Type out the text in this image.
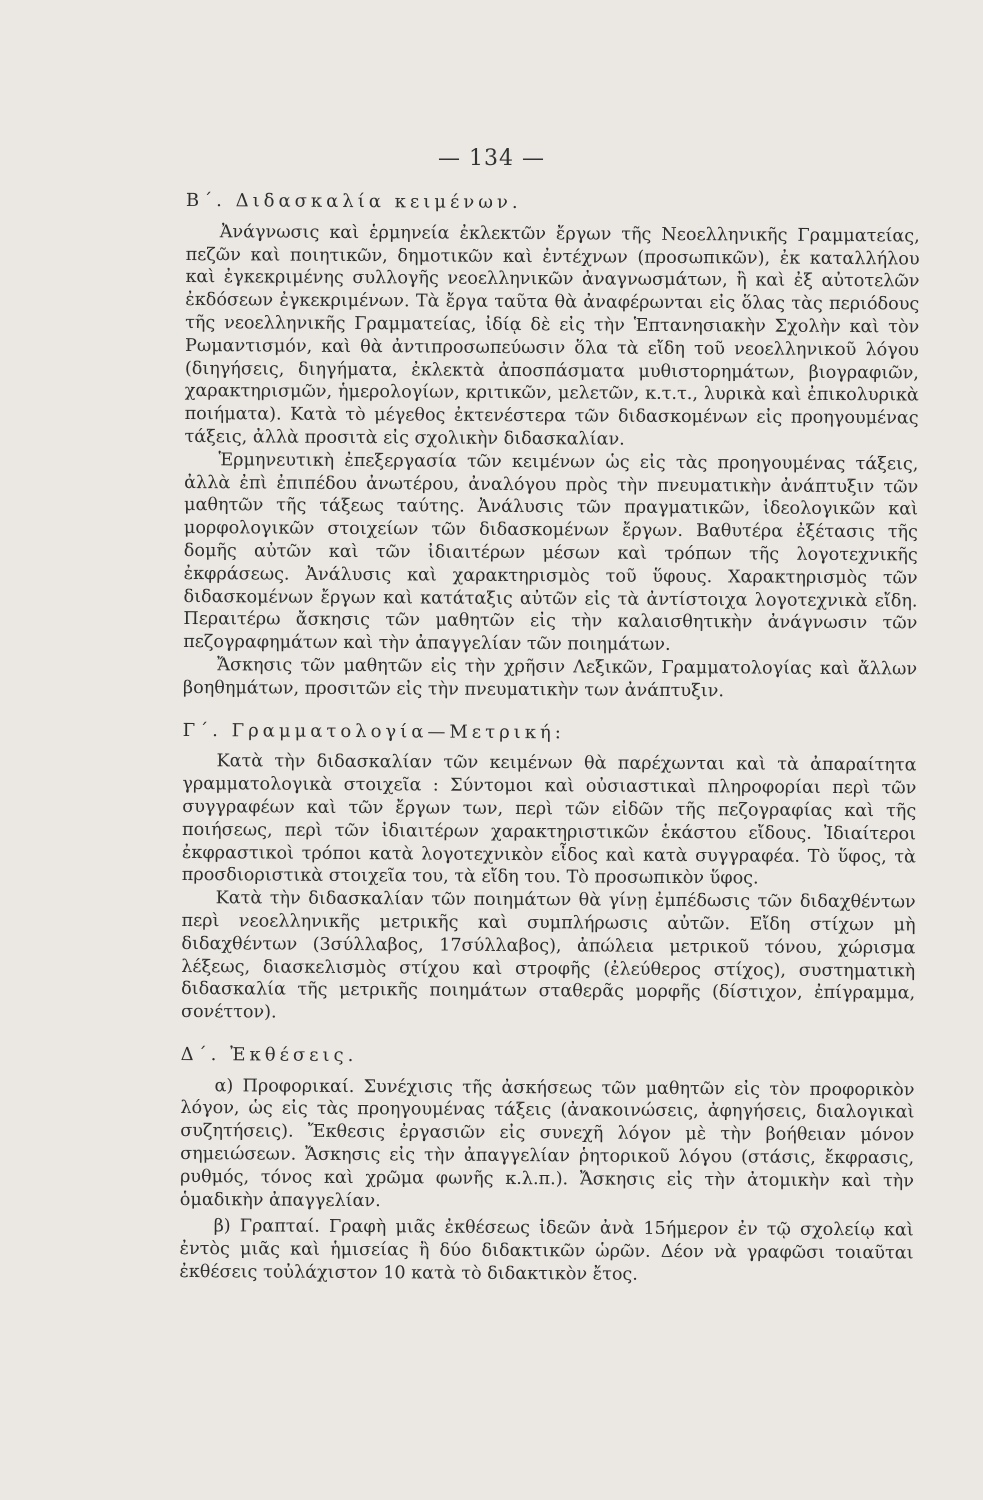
— 134 —
Β΄. Διδασκαλία κειμένων.

Ἀνάγνωσις καὶ ἑρμηνεία ἐκλεκτῶν ἔργων τῆς Νεοελληνικῆς Γραμματείας, πεζῶν καὶ ποιητικῶν, δημοτικῶν καὶ ἐντέχνων (προσωπικῶν), ἐκ καταλλήλου καὶ ἐγκεκριμένης συλλογῆς νεοελληνικῶν ἀναγνωσμάτων, ἢ καὶ ἐξ αὐτοτελῶν ἐκδόσεων ἐγκεκριμένων. Τὰ ἔργα ταῦτα θὰ ἀναφέρωνται εἰς ὅλας τὰς περιόδους τῆς νεοελληνικῆς Γραμματείας, ἰδίᾳ δὲ εἰς τὴν Ἑπτανησιακὴν Σχολὴν καὶ τὸν Ρωμαντισμόν, καὶ θὰ ἀντιπροσωπεύωσιν ὅλα τὰ εἴδη τοῦ νεοελληνικοῦ λόγου (διηγήσεις, διηγήματα, ἐκλεκτὰ ἀποσπάσματα μυθιστορημάτων, βιογραφιῶν, χαρακτηρισμῶν, ἡμερολογίων, κριτικῶν, μελετῶν, κ.τ.τ., λυρικὰ καὶ ἐπικολυρικὰ ποιήματα). Κατὰ τὸ μέγεθος ἐκτενέστερα τῶν διδασκομένων εἰς προηγουμένας τάξεις, ἀλλὰ προσιτὰ εἰς σχολικὴν διδασκαλίαν.

Ἑρμηνευτικὴ ἐπεξεργασία τῶν κειμένων ὡς εἰς τὰς προηγουμένας τάξεις, ἀλλὰ ἐπὶ ἐπιπέδου ἀνωτέρου, ἀναλόγου πρὸς τὴν πνευματικὴν ἀνάπτυξιν τῶν μαθητῶν τῆς τάξεως ταύτης. Ἀνάλυσις τῶν πραγματικῶν, ἰδεολογικῶν καὶ μορφολογικῶν στοιχείων τῶν διδασκομένων ἔργων. Βαθυτέρα ἐξέτασις τῆς δομῆς αὐτῶν καὶ τῶν ἰδιαιτέρων μέσων καὶ τρόπων τῆς λογοτεχνικῆς ἐκφράσεως. Ἀνάλυσις καὶ χαρακτηρισμὸς τοῦ ὕφους. Χαρακτηρισμὸς τῶν διδασκομένων ἔργων καὶ κατάταξις αὐτῶν εἰς τὰ ἀντίστοιχα λογοτεχνικὰ εἴδη. Περαιτέρω ἄσκησις τῶν μαθητῶν εἰς τὴν καλαισθητικὴν ἀνάγνωσιν τῶν πεζογραφημάτων καὶ τὴν ἀπαγγελίαν τῶν ποιημάτων.

Ἄσκησις τῶν μαθητῶν εἰς τὴν χρῆσιν Λεξικῶν, Γραμματολογίας καὶ ἄλλων βοηθημάτων, προσιτῶν εἰς τὴν πνευματικὴν των ἀνάπτυξιν.

Γ΄. Γραμματολογία—Μετρική:

Κατὰ τὴν διδασκαλίαν τῶν κειμένων θὰ παρέχωνται καὶ τὰ ἀπαραίτητα γραμματολογικὰ στοιχεῖα : Σύντομοι καὶ οὐσιαστικαὶ πληροφορίαι περὶ τῶν συγγραφέων καὶ τῶν ἔργων των, περὶ τῶν εἰδῶν τῆς πεζογραφίας καὶ τῆς ποιήσεως, περὶ τῶν ἰδιαιτέρων χαρακτηριστικῶν ἑκάστου εἴδους. Ἰδιαίτεροι ἐκφραστικοὶ τρόποι κατὰ λογοτεχνικὸν εἶδος καὶ κατὰ συγγραφέα. Τὸ ὕφος, τὰ προσδιοριστικὰ στοιχεῖα του, τὰ εἴδη του. Τὸ προσωπικὸν ὕφος.

Κατὰ τὴν διδασκαλίαν τῶν ποιημάτων θὰ γίνῃ ἐμπέδωσις τῶν διδαχθέντων περὶ νεοελληνικῆς μετρικῆς καὶ συμπλήρωσις αὐτῶν. Εἴδη στίχων μὴ διδαχθέντων (3σύλλαβος, 17σύλλαβος), ἀπώλεια μετρικοῦ τόνου, χώρισμα λέξεως, διασκελισμὸς στίχου καὶ στροφῆς (ἐλεύθερος στίχος), συστηματικὴ διδασκαλία τῆς μετρικῆς ποιημάτων σταθερᾶς μορφῆς (δίστιχον, ἐπίγραμμα, σονέττον).

Δ΄. Ἐκθέσεις.

α) Προφορικαί. Συνέχισις τῆς ἀσκήσεως τῶν μαθητῶν εἰς τὸν προφορικὸν λόγον, ὡς εἰς τὰς προηγουμένας τάξεις (ἀνακοινώσεις, ἀφηγήσεις, διαλογικαὶ συζητήσεις). Ἔκθεσις ἐργασιῶν εἰς συνεχῆ λόγον μὲ τὴν βοήθειαν μόνον σημειώσεων. Ἄσκησις εἰς τὴν ἀπαγγελίαν ῥητορικοῦ λόγου (στάσις, ἔκφρασις, ρυθμός, τόνος καὶ χρῶμα φωνῆς κ.λ.π.). Ἄσκησις εἰς τὴν ἀτομικὴν καὶ τὴν ὁμαδικὴν ἀπαγγελίαν.

β) Γραπταί. Γραφὴ μιᾶς ἐκθέσεως ἰδεῶν ἀνὰ 15ήμερον ἐν τῷ σχολείῳ καὶ ἐντὸς μιᾶς καὶ ἡμισείας ἢ δύο διδακτικῶν ὡρῶν. Δέον νὰ γραφῶσι τοιαῦται ἐκθέσεις τοὐλάχιστον 10 κατὰ τὸ διδακτικὸν ἔτος.
